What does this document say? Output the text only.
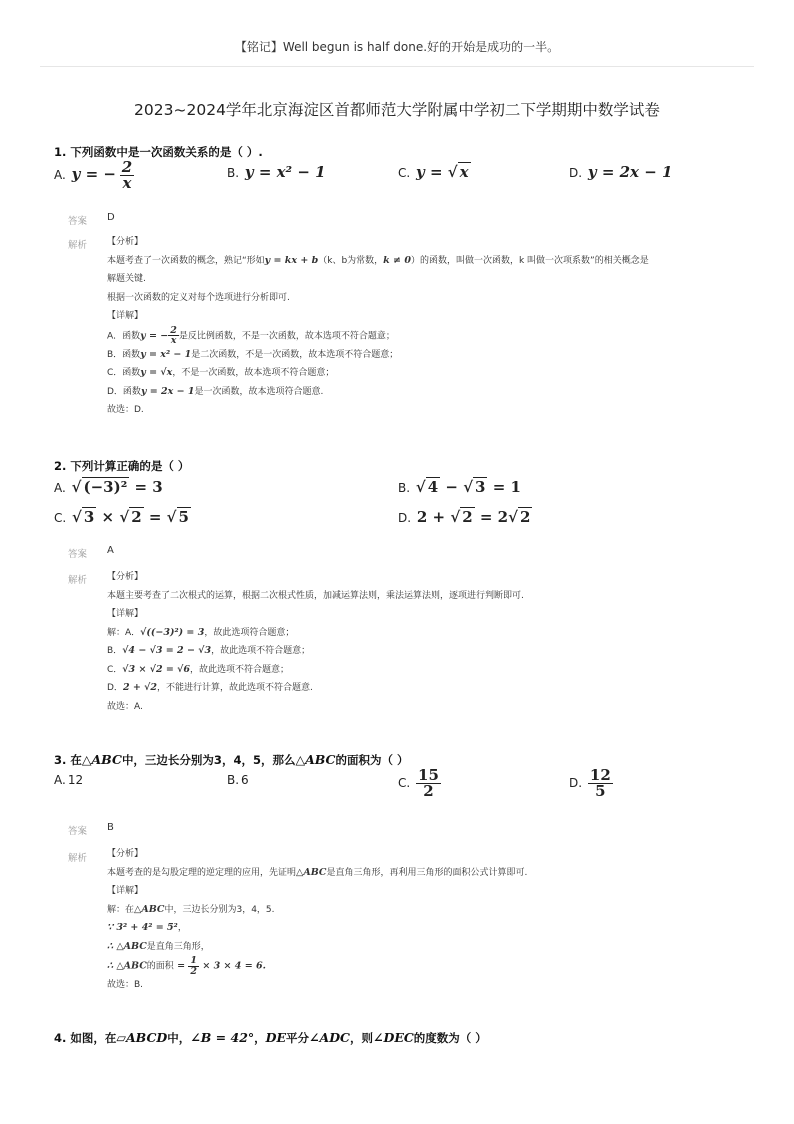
【铭记】Well begun is half done.好的开始是成功的一半。
2023~2024学年北京海淀区首都师范大学附属中学初二下学期期中数学试卷
1. 下列函数中是一次函数关系的是（ ）.
A. y = − $\frac{2}{x}$	B. y = x² − 1	C. y = √ x	D. y = 2x − 1
答案 D
解析 【分析】
本题考查了一次函数的概念，熟记“形如y = kx + b（k、b为常数，k ≠ 0）的函数，叫做一次函数，k 叫做一次项系数”的相关概念是
解题关键.
根据一次函数的定义对每个选项进行分析即可.
【详解】
A．函数y = − $\frac{2}{x}$ 是反比例函数，不是一次函数，故本选项不符合题意；
B．函数y = x² − 1是二次函数，不是一次函数，故本选项不符合题意；
C．函数y = √x，不是一次函数，故本选项不符合题意；
D．函数y = 2x − 1是一次函数，故本选项符合题意.
故选：D.
2. 下列计算正确的是（ ）
A. √ (−3)² = 3	B. √ 4 − √ 3 = 1
C. √ 3 × √ 2 = √ 5	D. 2 + √ 2 = 2√ 2
答案 A
解析 【分析】
本题主要考查了二次根式的运算，根据二次根式性质，加减运算法则，乘法运算法则，逐项进行判断即可.
【详解】
解：A．√((−3)²) = 3，故此选项符合题意；
B．√4 − √3 = 2 − √3，故此选项不符合题意；
C．√3 × √2 = √6，故此选项不符合题意；
D．2 + √2，不能进行计算，故此选项不符合题意.
故选：A.
3. 在△ABC中，三边长分别为3，4，5，那么△ABC的面积为（ ）
A. 12	B. 6	C. $\frac{15}{2}$	D. $\frac{12}{5}$
答案 B
解析 【分析】
本题考查的是勾股定理的逆定理的应用，先证明△ABC是直角三角形，再利用三角形的面积公式计算即可.
【详解】
解：在△ABC中，三边长分别为3，4，5.
∵ 3² + 4² = 5²，
∴ △ABC是直角三角形，
∴ △ABC的面积 = $\frac{1}{2} \times 3 \times 4 = 6$.
故选：B.
4. 如图，在▱ABCD中，∠B = 42°，DE平分∠ADC，则∠DEC的度数为（ ）
